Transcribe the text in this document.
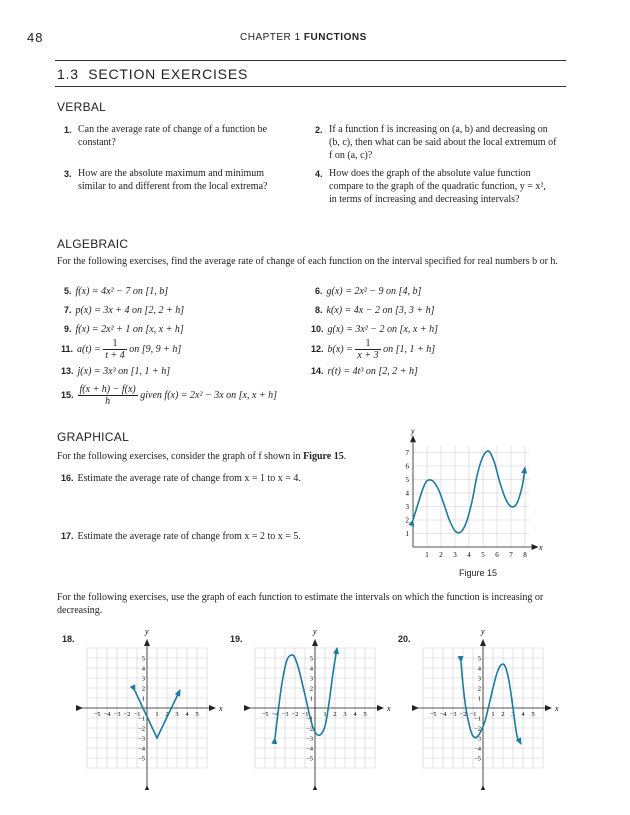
48	CHAPTER 1 FUNCTIONS
1.3  SECTION EXERCISES
VERBAL
1. Can the average rate of change of a function be constant?
2. If a function f is increasing on (a, b) and decreasing on (b, c), then what can be said about the local extremum of f on (a, c)?
3. How are the absolute maximum and minimum similar to and different from the local extrema?
4. How does the graph of the absolute value function compare to the graph of the quadratic function, y = x², in terms of increasing and decreasing intervals?
ALGEBRAIC
For the following exercises, find the average rate of change of each function on the interval specified for real numbers b or h.
5. f(x) = 4x² − 7 on [1, b]	6. g(x) = 2x² − 9 on [4, b]
7. p(x) = 3x + 4 on [2, 2 + h]	8. k(x) = 4x − 2 on [3, 3 + h]
9. f(x) = 2x² + 1 on [x, x + h]	10. g(x) = 3x² − 2 on [x, x + h]
11. $a(t) = \frac{1}{t + 4}$ on [9, 9 + h]	12. $b(x) = \frac{1}{x + 3}$ on [1, 1 + h]
13. j(x) = 3x³ on [1, 1 + h]	14. r(t) = 4t³ on [2, 2 + h]
15. $\frac{f(x + h) - f(x)}{h}$ given f(x) = 2x² − 3x on [x, x + h]
GRAPHICAL
For the following exercises, consider the graph of f shown in Figure 15.
16. Estimate the average rate of change from x = 1 to x = 4.
17. Estimate the average rate of change from x = 2 to x = 5.
1 2 3 4 5 6 7 8
1
2
3
4
5
6
7
x
y
Figure 15
For the following exercises, use the graph of each function to estimate the intervals on which the function is increasing or decreasing.
18.	19.	20.
−5
−5
−4
−4
−3
−3
−2
−2
−1
−1
1
1
2
2
3
3
4
4
5
5
x
y
−5
−5
−4
−4
−3
−3
−2
−2
−1
−1
1
1
2
2
3
3
4
4
5
5
x
y
−5
−5
−4
−4
−3
−3
−2
−2
−1
−1
1
1
2
2
3
3
4
4
5
5
x
y
